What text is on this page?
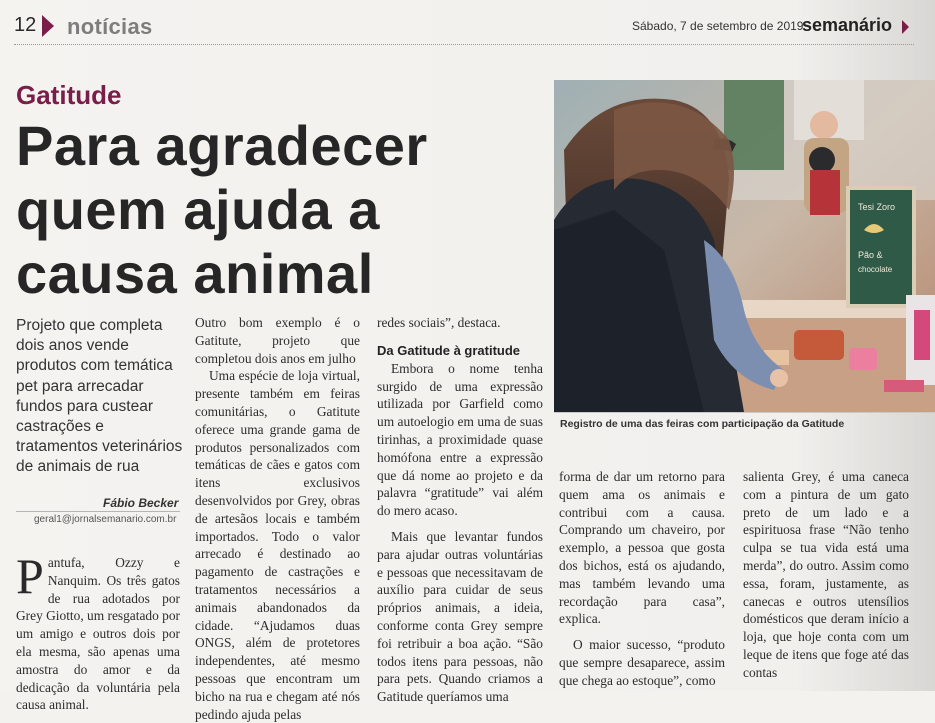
12 notícias	Sábado, 7 de setembro de 2019
semanário
Gatitude
Para agradecer
quem ajuda a
causa animal
Projeto que completa dois anos vende produtos com temática pet para arrecadar fundos para custear castrações e tratamentos veterinários de animais de rua
Fábio Becker
geral1@jornalsemanario.com.br

Pantufa, Ozzy e Nanquim. Os três gatos de rua adotados por Grey Giotto, um resgatado por um amigo e outros dois por ela mesma, são apenas uma amostra do amor e da dedicação da voluntária pela causa animal.

Outro bom exemplo é o Gatitute, projeto que completou dois anos em julho

Uma espécie de loja virtual, presente também em feiras comunitárias, o Gatitute oferece uma grande gama de produtos personalizados com temáticas de cães e gatos com itens exclusivos desenvolvidos por Grey, obras de artesãos locais e também importados. Todo o valor arrecado é destinado ao pagamento de castrações e tratamentos necessários a animais abandonados da cidade. “Ajudamos duas ONGS, além de protetores independentes, até mesmo pessoas que encontram um bicho na rua e chegam até nós pedindo ajuda pelas

redes sociais”, destaca.

Da Gatitude à gratitude

Embora o nome tenha surgido de uma expressão utilizada por Garfield como um autoelogio em uma de suas tirinhas, a proximidade quase homófona entre a expressão que dá nome ao projeto e da palavra “gratitude” vai além do mero acaso.

Mais que levantar fundos para ajudar outras voluntárias e pessoas que necessitavam de auxílio para cuidar de seus próprios animais, a ideia, conforme conta Grey sempre foi retribuir a boa ação. “São todos itens para pessoas, não para pets. Quando criamos a Gatitude queríamos uma

Tesi Zoro
Pão &
chocolate
Registro de uma das feiras com participação da Gatitude

forma de dar um retorno para quem ama os animais e contribui com a causa. Comprando um chaveiro, por exemplo, a pessoa que gosta dos bichos, está os ajudando, mas também levando uma recordação para casa”, explica.

O maior sucesso, “produto que sempre desaparece, assim que chega ao estoque”, como

salienta Grey, é uma caneca com a pintura de um gato preto de um lado e a espirituosa frase “Não tenho culpa se tua vida está uma merda”, do outro. Assim como essa, foram, justamente, as canecas e outros utensílios domésticos que deram início a loja, que hoje conta com um leque de itens que foge até das contas
